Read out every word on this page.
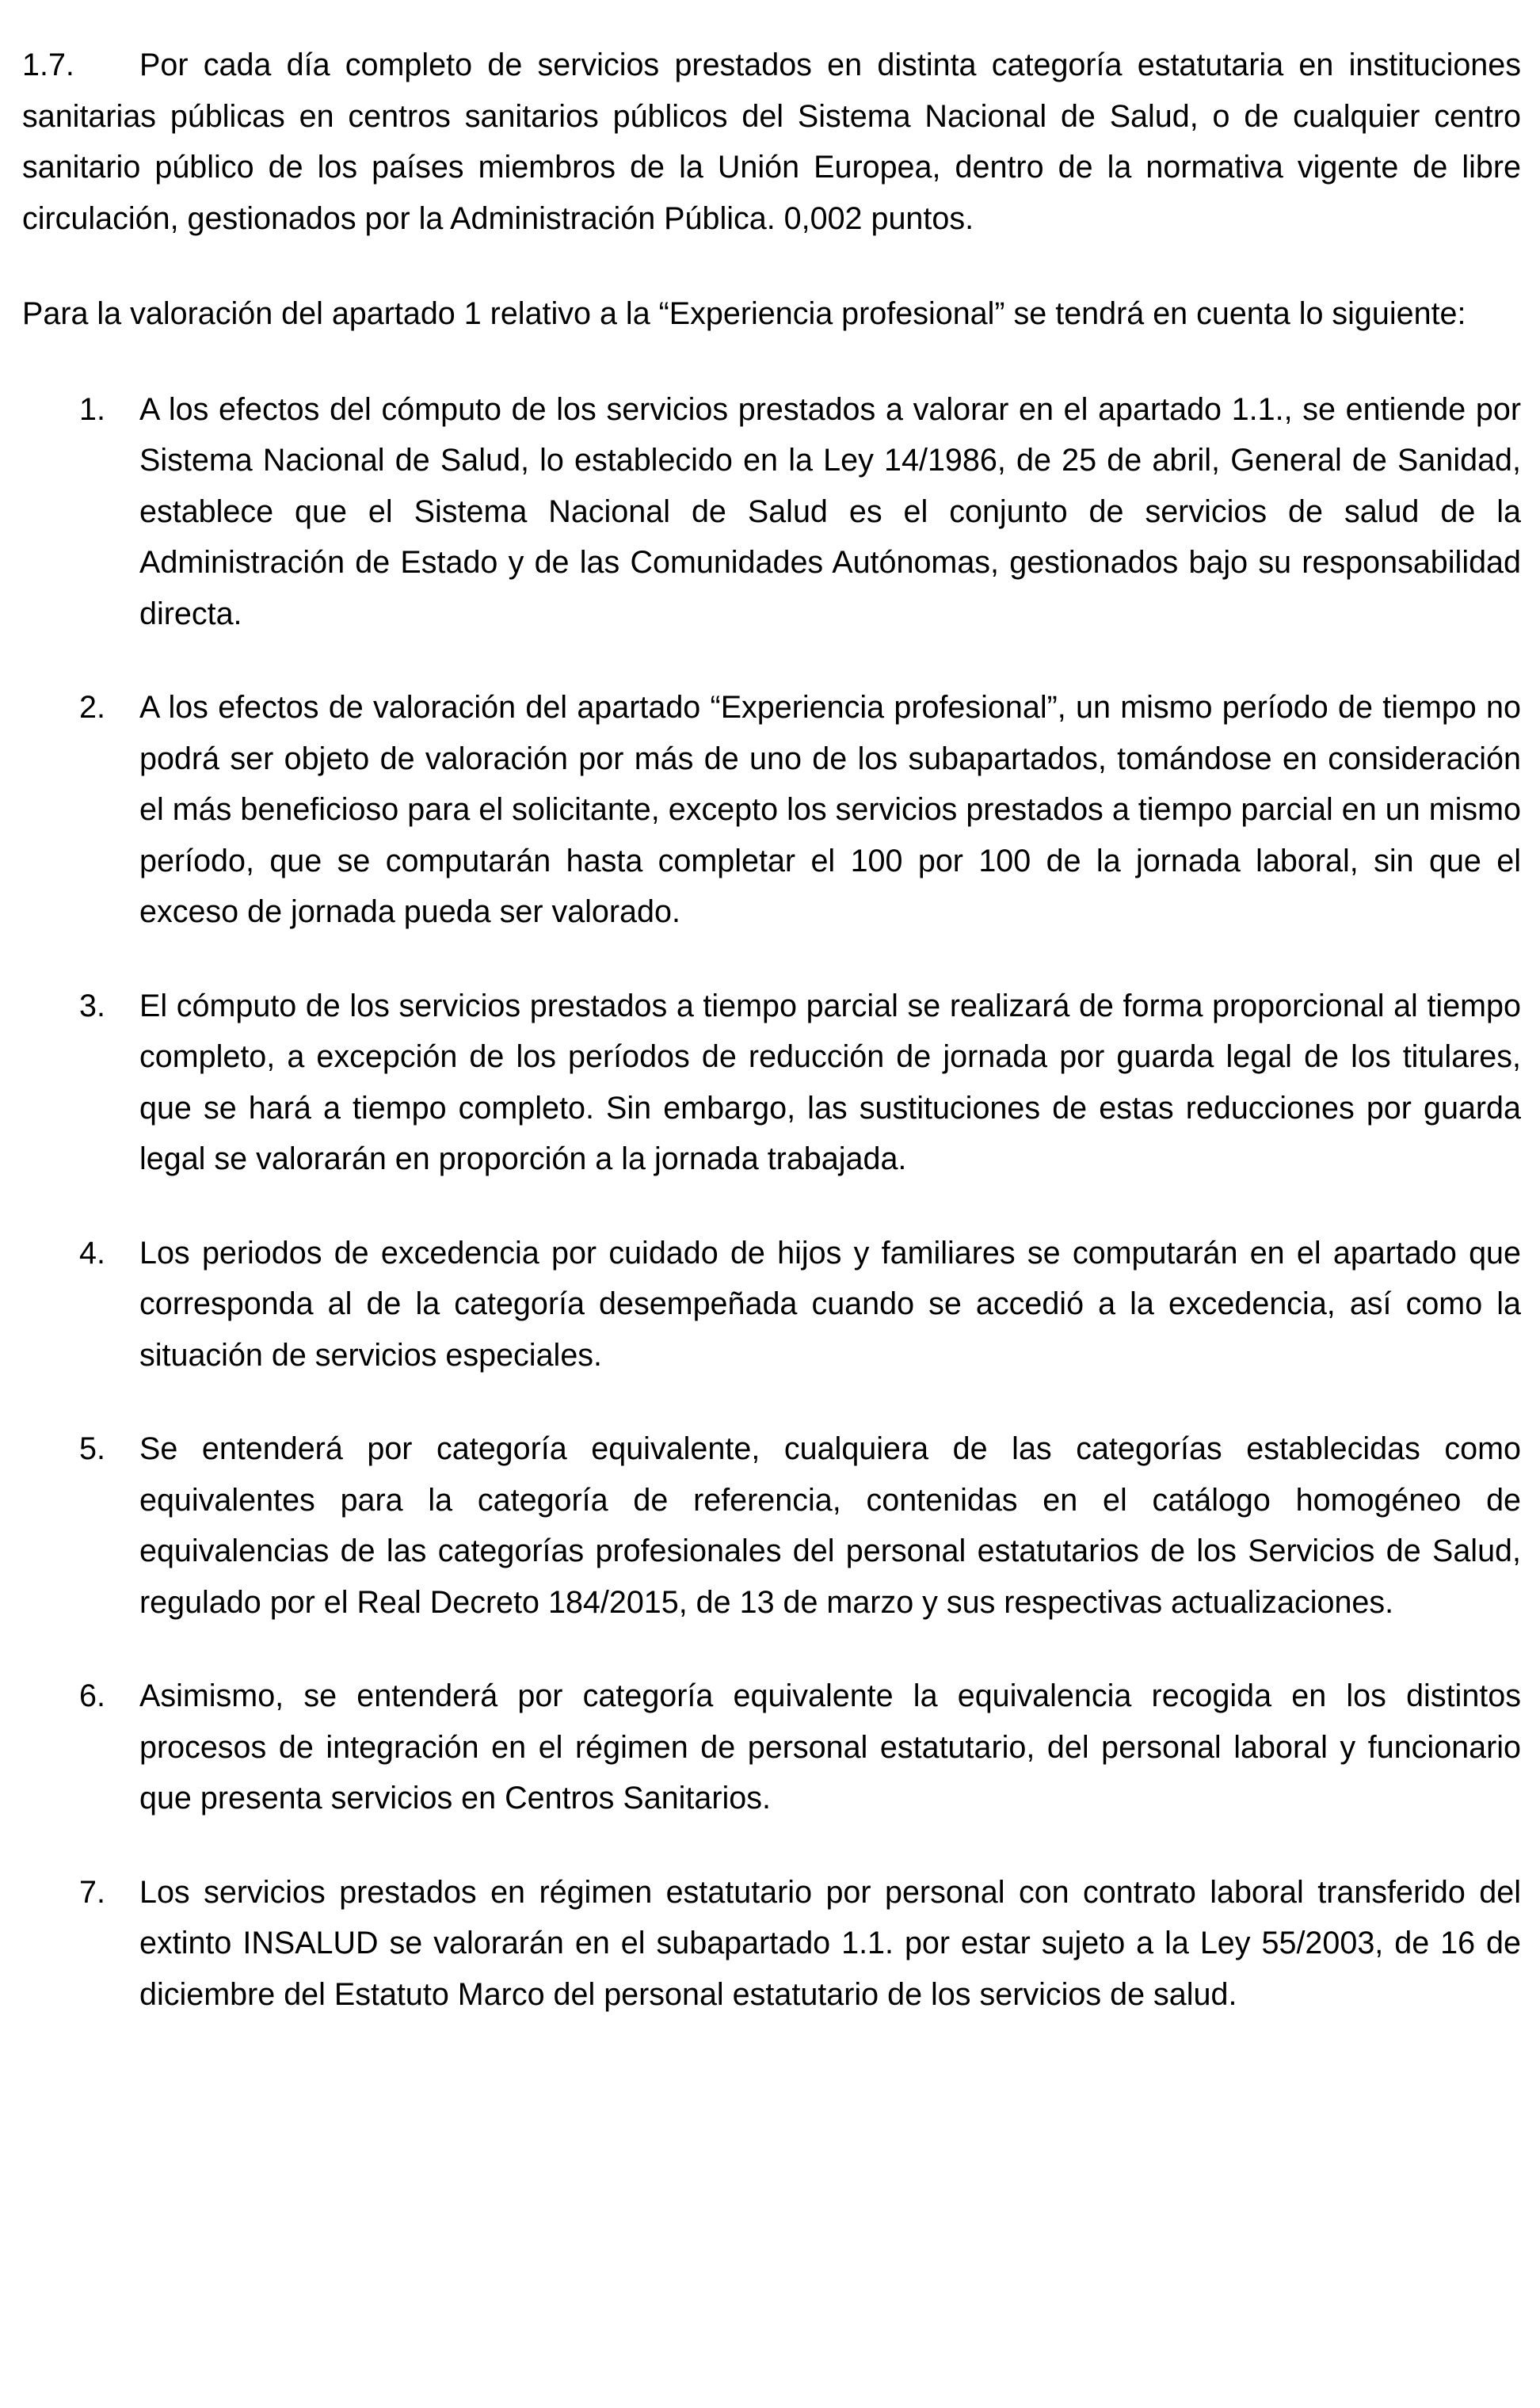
1.7. Por cada día completo de servicios prestados en distinta categoría estatutaria en instituciones sanitarias públicas en centros sanitarios públicos del Sistema Nacional de Salud, o de cualquier centro sanitario público de los países miembros de la Unión Europea, dentro de la normativa vigente de libre circulación, gestionados por la Administración Pública. 0,002 puntos.

Para la valoración del apartado 1 relativo a la “Experiencia profesional” se tendrá en cuenta lo siguiente:

1. A los efectos del cómputo de los servicios prestados a valorar en el apartado 1.1., se entiende por Sistema Nacional de Salud, lo establecido en la Ley 14/1986, de 25 de abril, General de Sanidad, establece que el Sistema Nacional de Salud es el conjunto de servicios de salud de la Administración de Estado y de las Comunidades Autónomas, gestionados bajo su responsabilidad directa.
2. A los efectos de valoración del apartado “Experiencia profesional”, un mismo período de tiempo no podrá ser objeto de valoración por más de uno de los subapartados, tomándose en consideración el más beneficioso para el solicitante, excepto los servicios prestados a tiempo parcial en un mismo período, que se computarán hasta completar el 100 por 100 de la jornada laboral, sin que el exceso de jornada pueda ser valorado.
3. El cómputo de los servicios prestados a tiempo parcial se realizará de forma proporcional al tiempo completo, a excepción de los períodos de reducción de jornada por guarda legal de los titulares, que se hará a tiempo completo. Sin embargo, las sustituciones de estas reducciones por guarda legal se valorarán en proporción a la jornada trabajada.
4. Los periodos de excedencia por cuidado de hijos y familiares se computarán en el apartado que corresponda al de la categoría desempeñada cuando se accedió a la excedencia, así como la situación de servicios especiales.
5. Se entenderá por categoría equivalente, cualquiera de las categorías establecidas como equivalentes para la categoría de referencia, contenidas en el catálogo homogéneo de equivalencias de las categorías profesionales del personal estatutarios de los Servicios de Salud, regulado por el Real Decreto 184/2015, de 13 de marzo y sus respectivas actualizaciones.
6. Asimismo, se entenderá por categoría equivalente la equivalencia recogida en los distintos procesos de integración en el régimen de personal estatutario, del personal laboral y funcionario que presenta servicios en Centros Sanitarios.
7. Los servicios prestados en régimen estatutario por personal con contrato laboral transferido del extinto INSALUD se valorarán en el subapartado 1.1. por estar sujeto a la Ley 55/2003, de 16 de diciembre del Estatuto Marco del personal estatutario de los servicios de salud.
